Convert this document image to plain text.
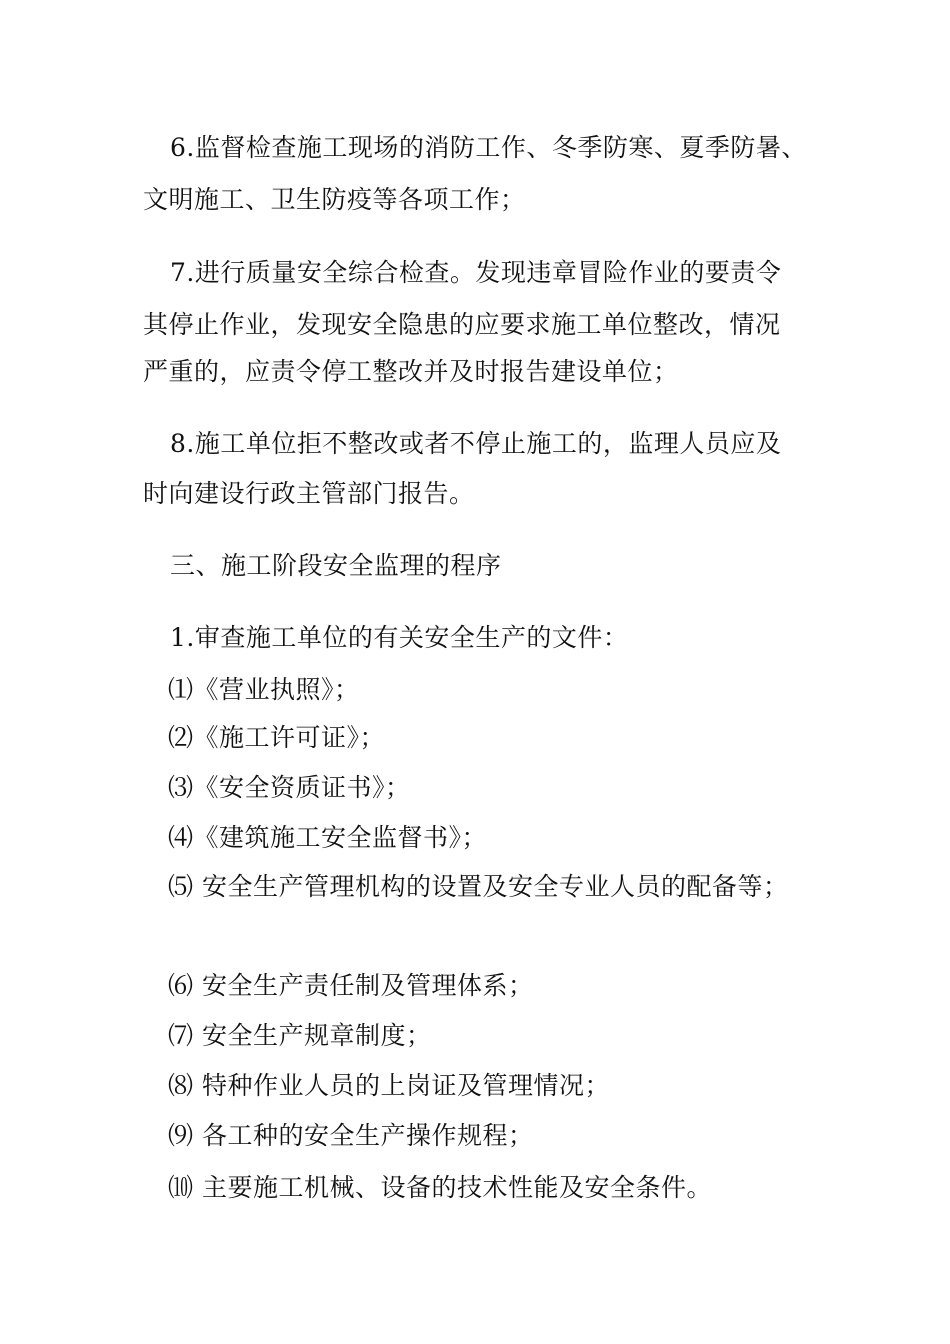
6.监督检查施工现场的消防工作、冬季防寒、夏季防暑、
文明施工、卫生防疫等各项工作；
7.进行质量安全综合检查。发现违章冒险作业的要责令
其停止作业，发现安全隐患的应要求施工单位整改，情况
严重的，应责令停工整改并及时报告建设单位；
8.施工单位拒不整改或者不停止施工的，监理人员应及
时向建设行政主管部门报告。
三、施工阶段安全监理的程序
1.审查施工单位的有关安全生产的文件：
⑴《营业执照》；
⑵《施工许可证》；
⑶《安全资质证书》；
⑷《建筑施工安全监督书》；
⑸ 安全生产管理机构的设置及安全专业人员的配备等；
⑹ 安全生产责任制及管理体系；
⑺ 安全生产规章制度；
⑻ 特种作业人员的上岗证及管理情况；
⑼ 各工种的安全生产操作规程；
⑽ 主要施工机械、设备的技术性能及安全条件。
